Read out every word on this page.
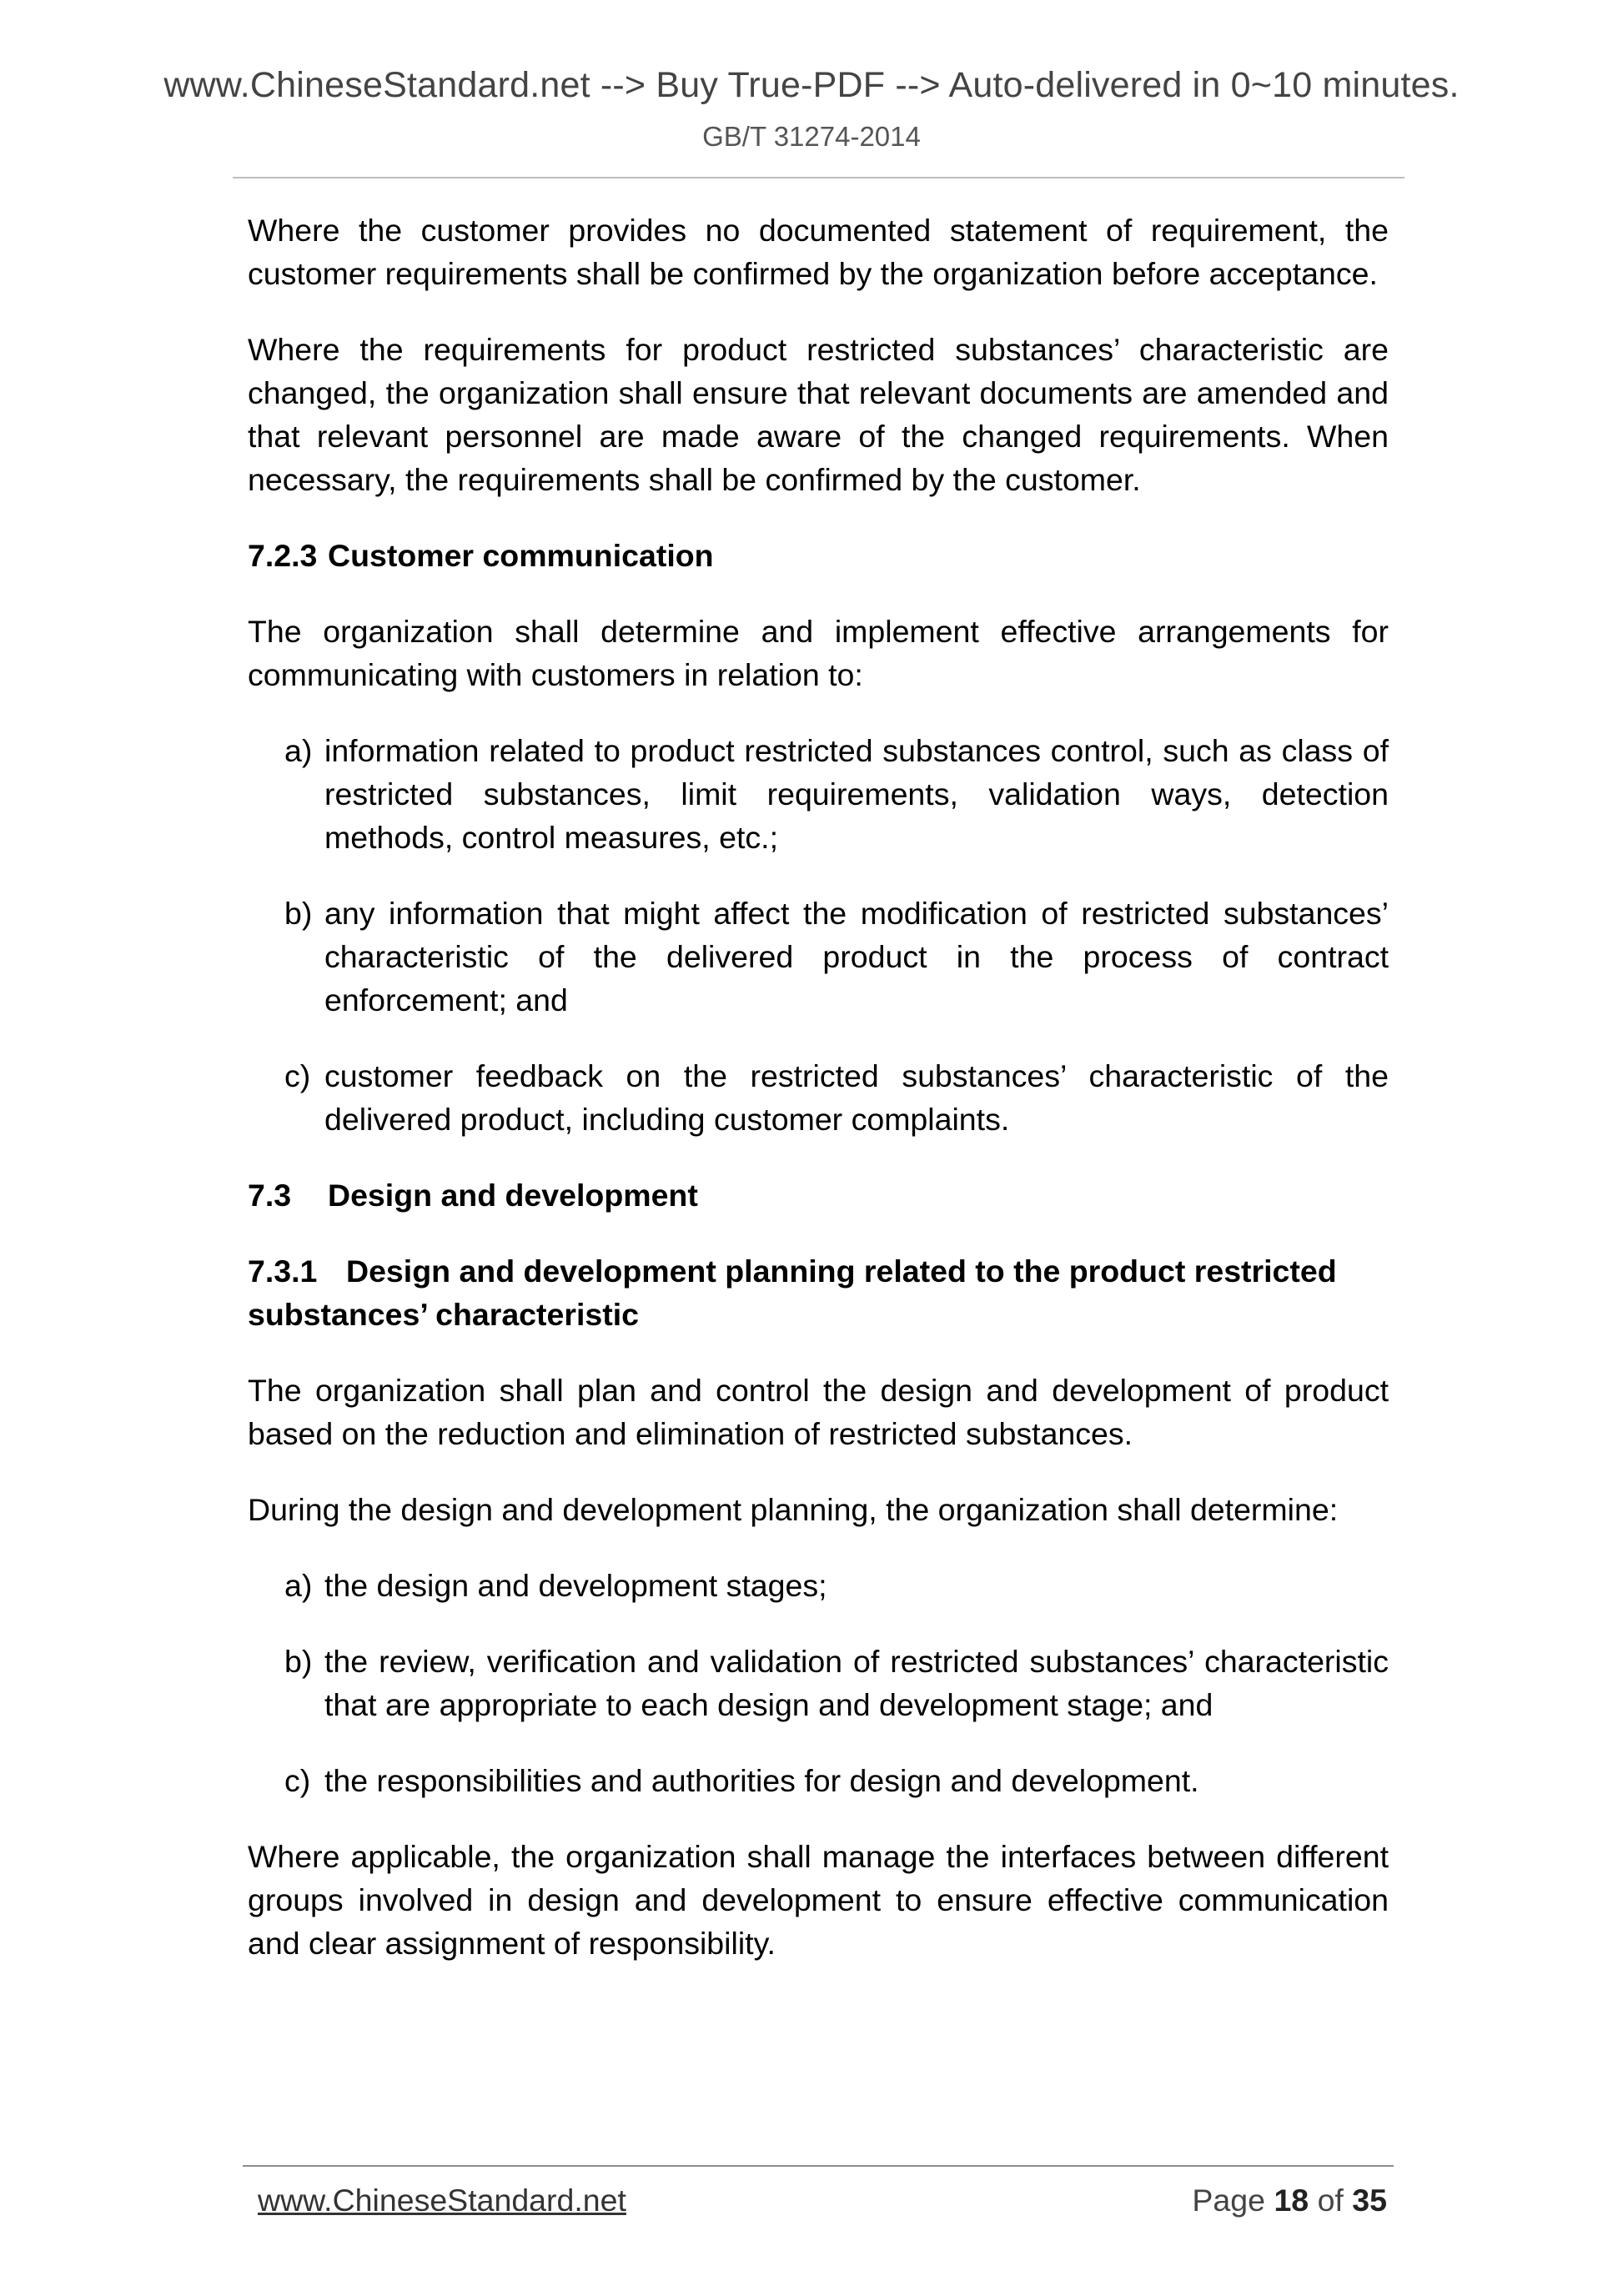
www.ChineseStandard.net --> Buy True-PDF --> Auto-delivered in 0~10 minutes.
GB/T 31274-2014

Where the customer provides no documented statement of requirement, the customer requirements shall be confirmed by the organization before acceptance.

Where the requirements for product restricted substances’ characteristic are changed, the organization shall ensure that relevant documents are amended and that relevant personnel are made aware of the changed requirements. When necessary, the requirements shall be confirmed by the customer.

7.2.3 Customer communication

The organization shall determine and implement effective arrangements for communicating with customers in relation to:

a) information related to product restricted substances control, such as class of restricted substances, limit requirements, validation ways, detection methods, control measures, etc.;
b) any information that might affect the modification of restricted substances’ characteristic of the delivered product in the process of contract enforcement; and
c) customer feedback on the restricted substances’ characteristic of the delivered product, including customer complaints.
7.3 Design and development
7.3.1 Design and development planning related to the product restricted substances’ characteristic

The organization shall plan and control the design and development of product based on the reduction and elimination of restricted substances.

During the design and development planning, the organization shall determine:

a) the design and development stages;
b) the review, verification and validation of restricted substances’ characteristic that are appropriate to each design and development stage; and
c) the responsibilities and authorities for design and development.

Where applicable, the organization shall manage the interfaces between different groups involved in design and development to ensure effective communication and clear assignment of responsibility.

www.ChineseStandard.net	Page 18 of 35
